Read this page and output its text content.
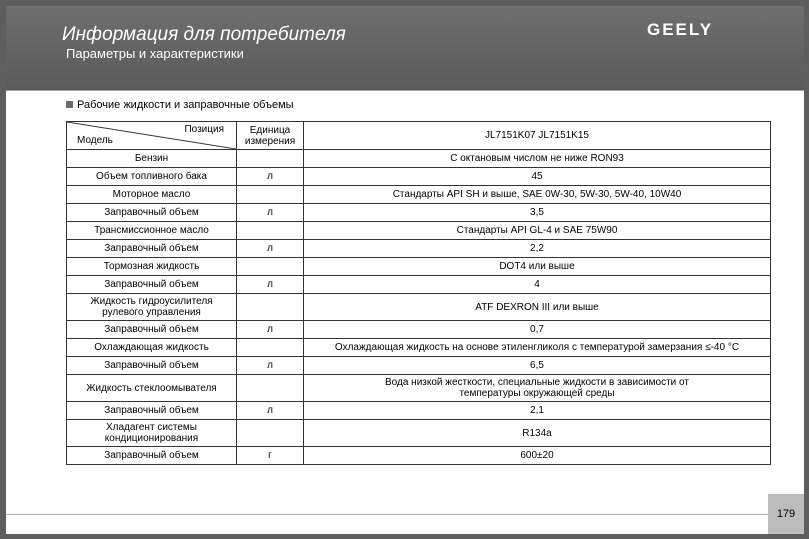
Информация для потребителя
Параметры и характеристики
GEELY
Рабочие жидкости и заправочные объемы
Позиция
Модель	Единица измерения	JL7151K07 JL7151K15
Бензин		С октановым числом не ниже RON93
Объем топливного бака	л	45
Моторное масло		Стандарты API SH и выше, SAE 0W-30, 5W-30, 5W-40, 10W40
Заправочный объем	л	3,5
Трансмиссионное масло		Стандарты API GL-4 и SAE 75W90
Заправочный объем	л	2,2
Тормозная жидкость		DOT4 или выше
Заправочный объем	л	4
Жидкость гидроусилителя рулевого управления		ATF DEXRON III или выше
Заправочный объем	л	0,7
Охлаждающая жидкость		Охлаждающая жидкость на основе этиленгликоля с температурой замерзания ≤-40 °С
Заправочный объем	л	6,5
Жидкость стеклоомывателя		Вода низкой жесткости, специальные жидкости в зависимости от температуры окружающей среды
Заправочный объем	л	2,1
Хладагент системы кондиционирования		R134a
Заправочный объем	г	600±20
179
